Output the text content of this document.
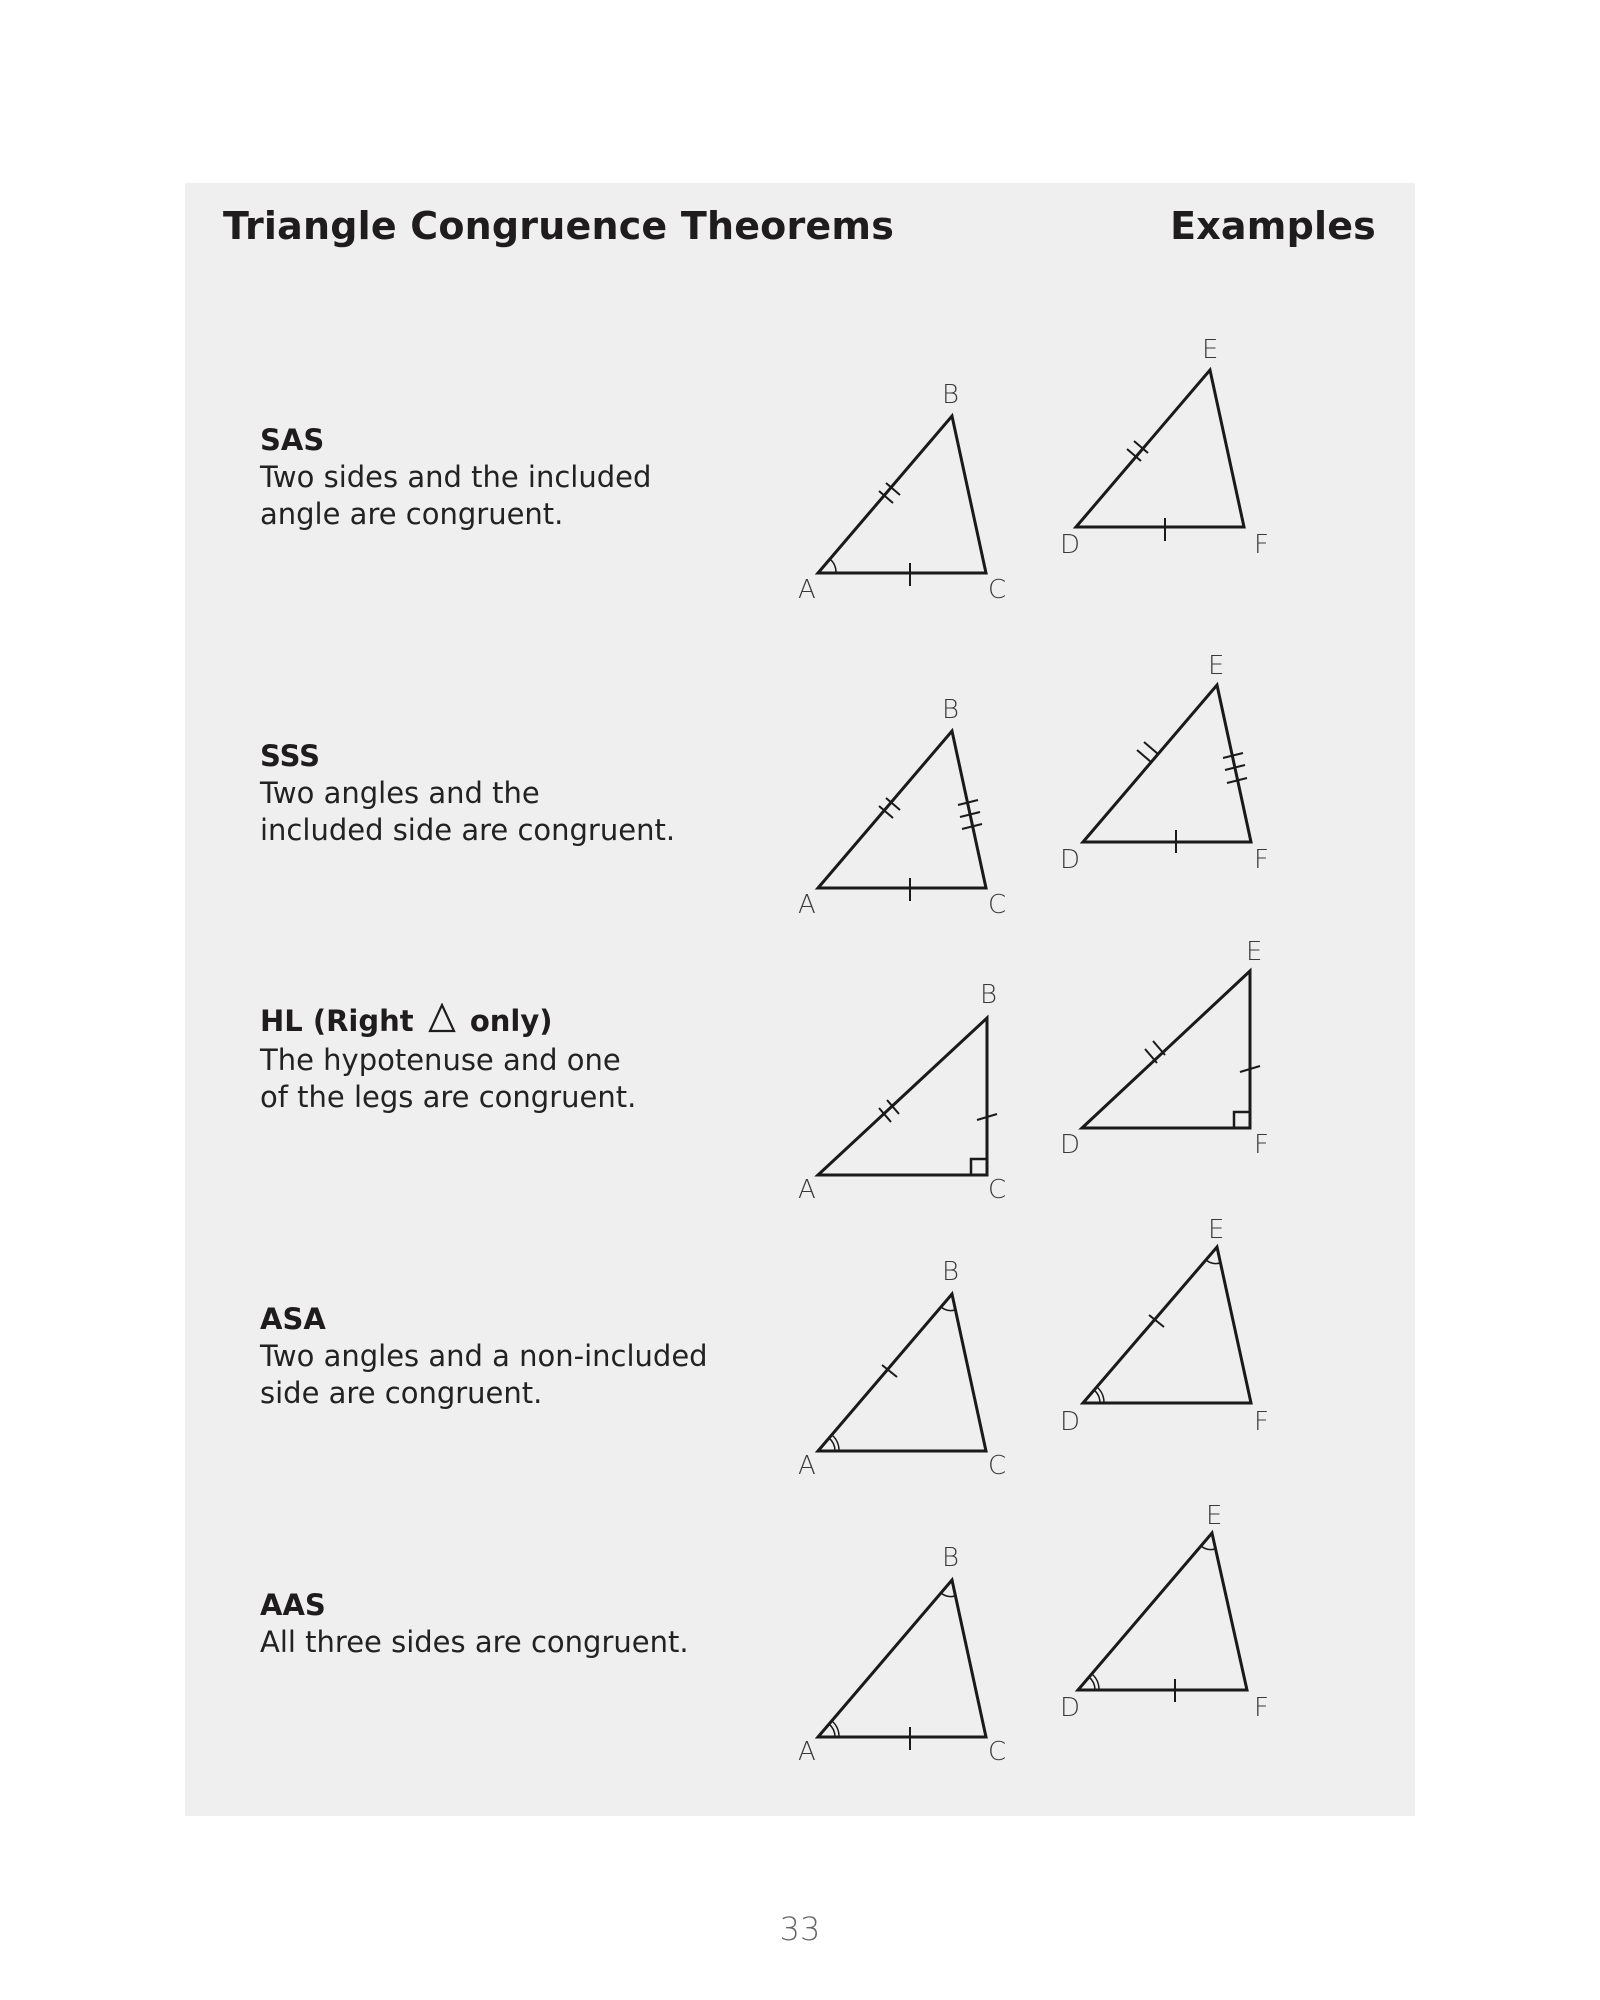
Triangle Congruence Theorems	Examples
SAS
Two sides and the included
angle are congruent.
SSS
Two angles and the
included side are congruent.
HL (Right only)
The hypotenuse and one
of the legs are congruent.
ASA
Two angles and a non-included
side are congruent.
AAS
All three sides are congruent.
A
B
C
D
E
F
A
B
C
D
E
F
A
B
C
D
E
F
A
B
C
D
E
F
A
B
C
D
E
F
33
